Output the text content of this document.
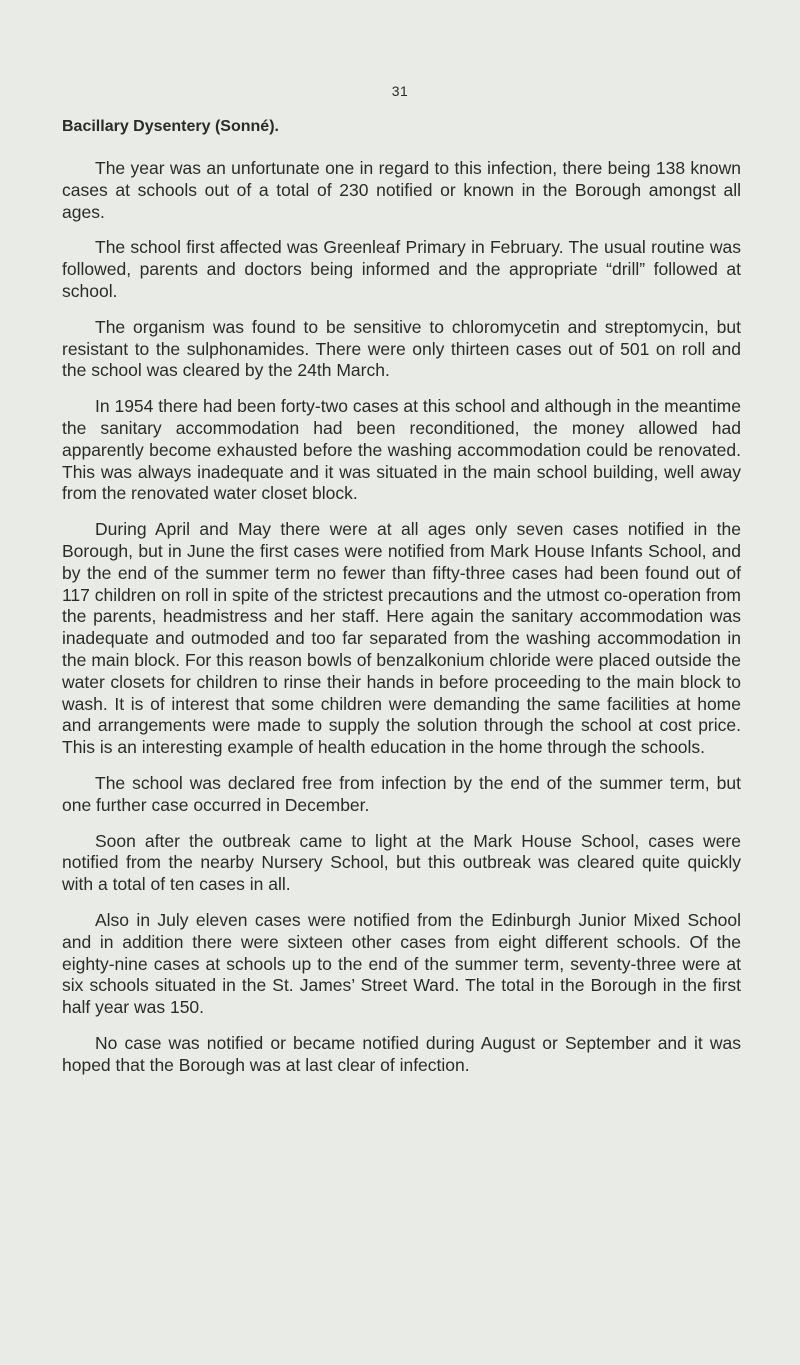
31
Bacillary Dysentery (Sonné).

The year was an unfortunate one in regard to this infection, there being 138 known cases at schools out of a total of 230 notified or known in the Borough amongst all ages.

The school first affected was Greenleaf Primary in February. The usual routine was followed, parents and doctors being informed and the appropriate “drill” followed at school.

The organism was found to be sensitive to chloromycetin and streptomycin, but resistant to the sulphonamides. There were only thirteen cases out of 501 on roll and the school was cleared by the 24th March.

In 1954 there had been forty-two cases at this school and although in the meantime the sanitary accommodation had been reconditioned, the money allowed had apparently become exhausted before the washing accommodation could be renovated. This was always inadequate and it was situated in the main school building, well away from the renovated water closet block.

During April and May there were at all ages only seven cases notified in the Borough, but in June the first cases were notified from Mark House Infants School, and by the end of the summer term no fewer than fifty-three cases had been found out of 117 children on roll in spite of the strictest precautions and the utmost co-operation from the parents, headmistress and her staff. Here again the sanitary accommodation was inadequate and outmoded and too far separated from the washing accommodation in the main block. For this reason bowls of benzalkonium chloride were placed outside the water closets for children to rinse their hands in before proceeding to the main block to wash. It is of interest that some children were demanding the same facilities at home and arrangements were made to supply the solution through the school at cost price. This is an interesting example of health education in the home through the schools.

The school was declared free from infection by the end of the summer term, but one further case occurred in December.

Soon after the outbreak came to light at the Mark House School, cases were notified from the nearby Nursery School, but this outbreak was cleared quite quickly with a total of ten cases in all.

Also in July eleven cases were notified from the Edinburgh Junior Mixed School and in addition there were sixteen other cases from eight different schools. Of the eighty-nine cases at schools up to the end of the summer term, seventy-three were at six schools situated in the St. James’ Street Ward. The total in the Borough in the first half year was 150.

No case was notified or became notified during August or September and it was hoped that the Borough was at last clear of infection.
